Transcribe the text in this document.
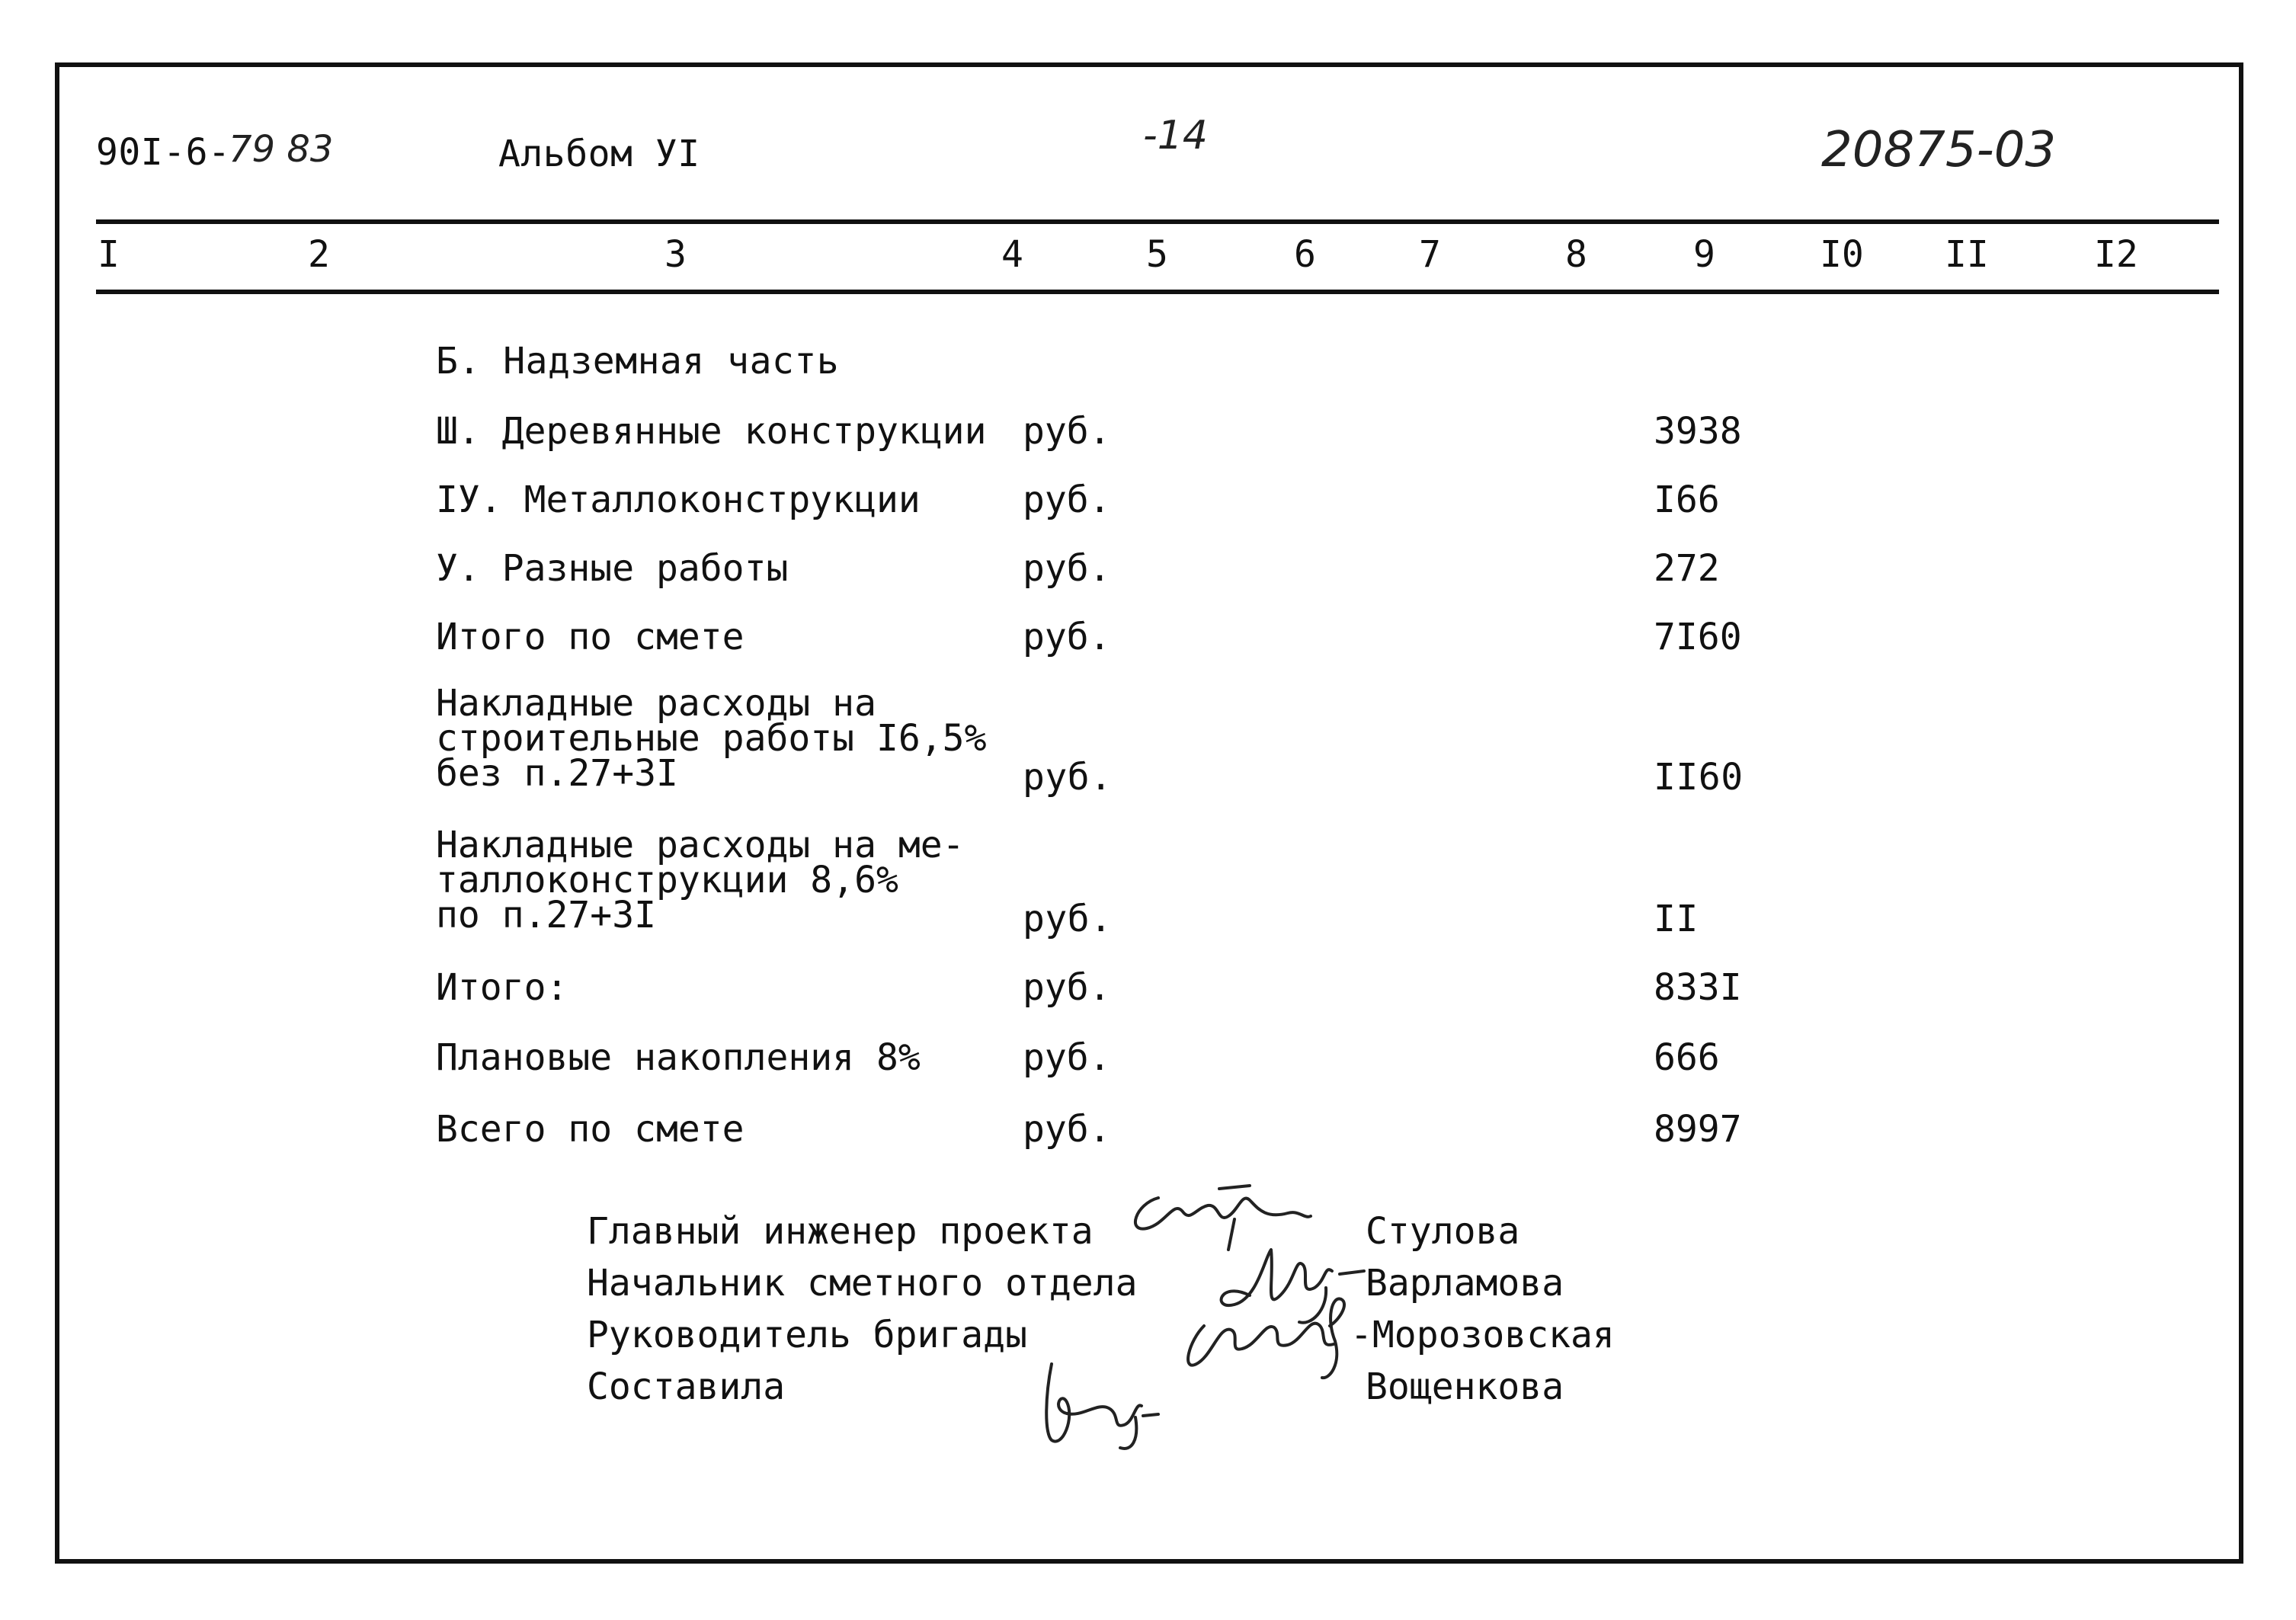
90I-6-
79 83	Альбом УI	-14	20875-03
I	2	3	4	5	6	7	8	9	I0 II	I2
Б. Надземная часть
Ш. Деревянные конструкции руб.	3938
IУ. Металлоконструкции	руб.	I66
У. Разные работы	руб.	272
Итого по смете	руб.	7I60
Накладные расходы на
строительные работы I6,5%
без п.27+3I	руб.	II60
Накладные расходы на ме-
таллоконструкции 8,6%
по п.27+3I	руб.	II
Итого:	руб.	833I
Плановые накопления 8%	руб.	666
Всего по смете	руб.	8997
Главный инженер проекта	Стулова
Начальник сметного отдела	Варламова
Руководитель бригады	-Морозовская
Составила	Вощенкова
